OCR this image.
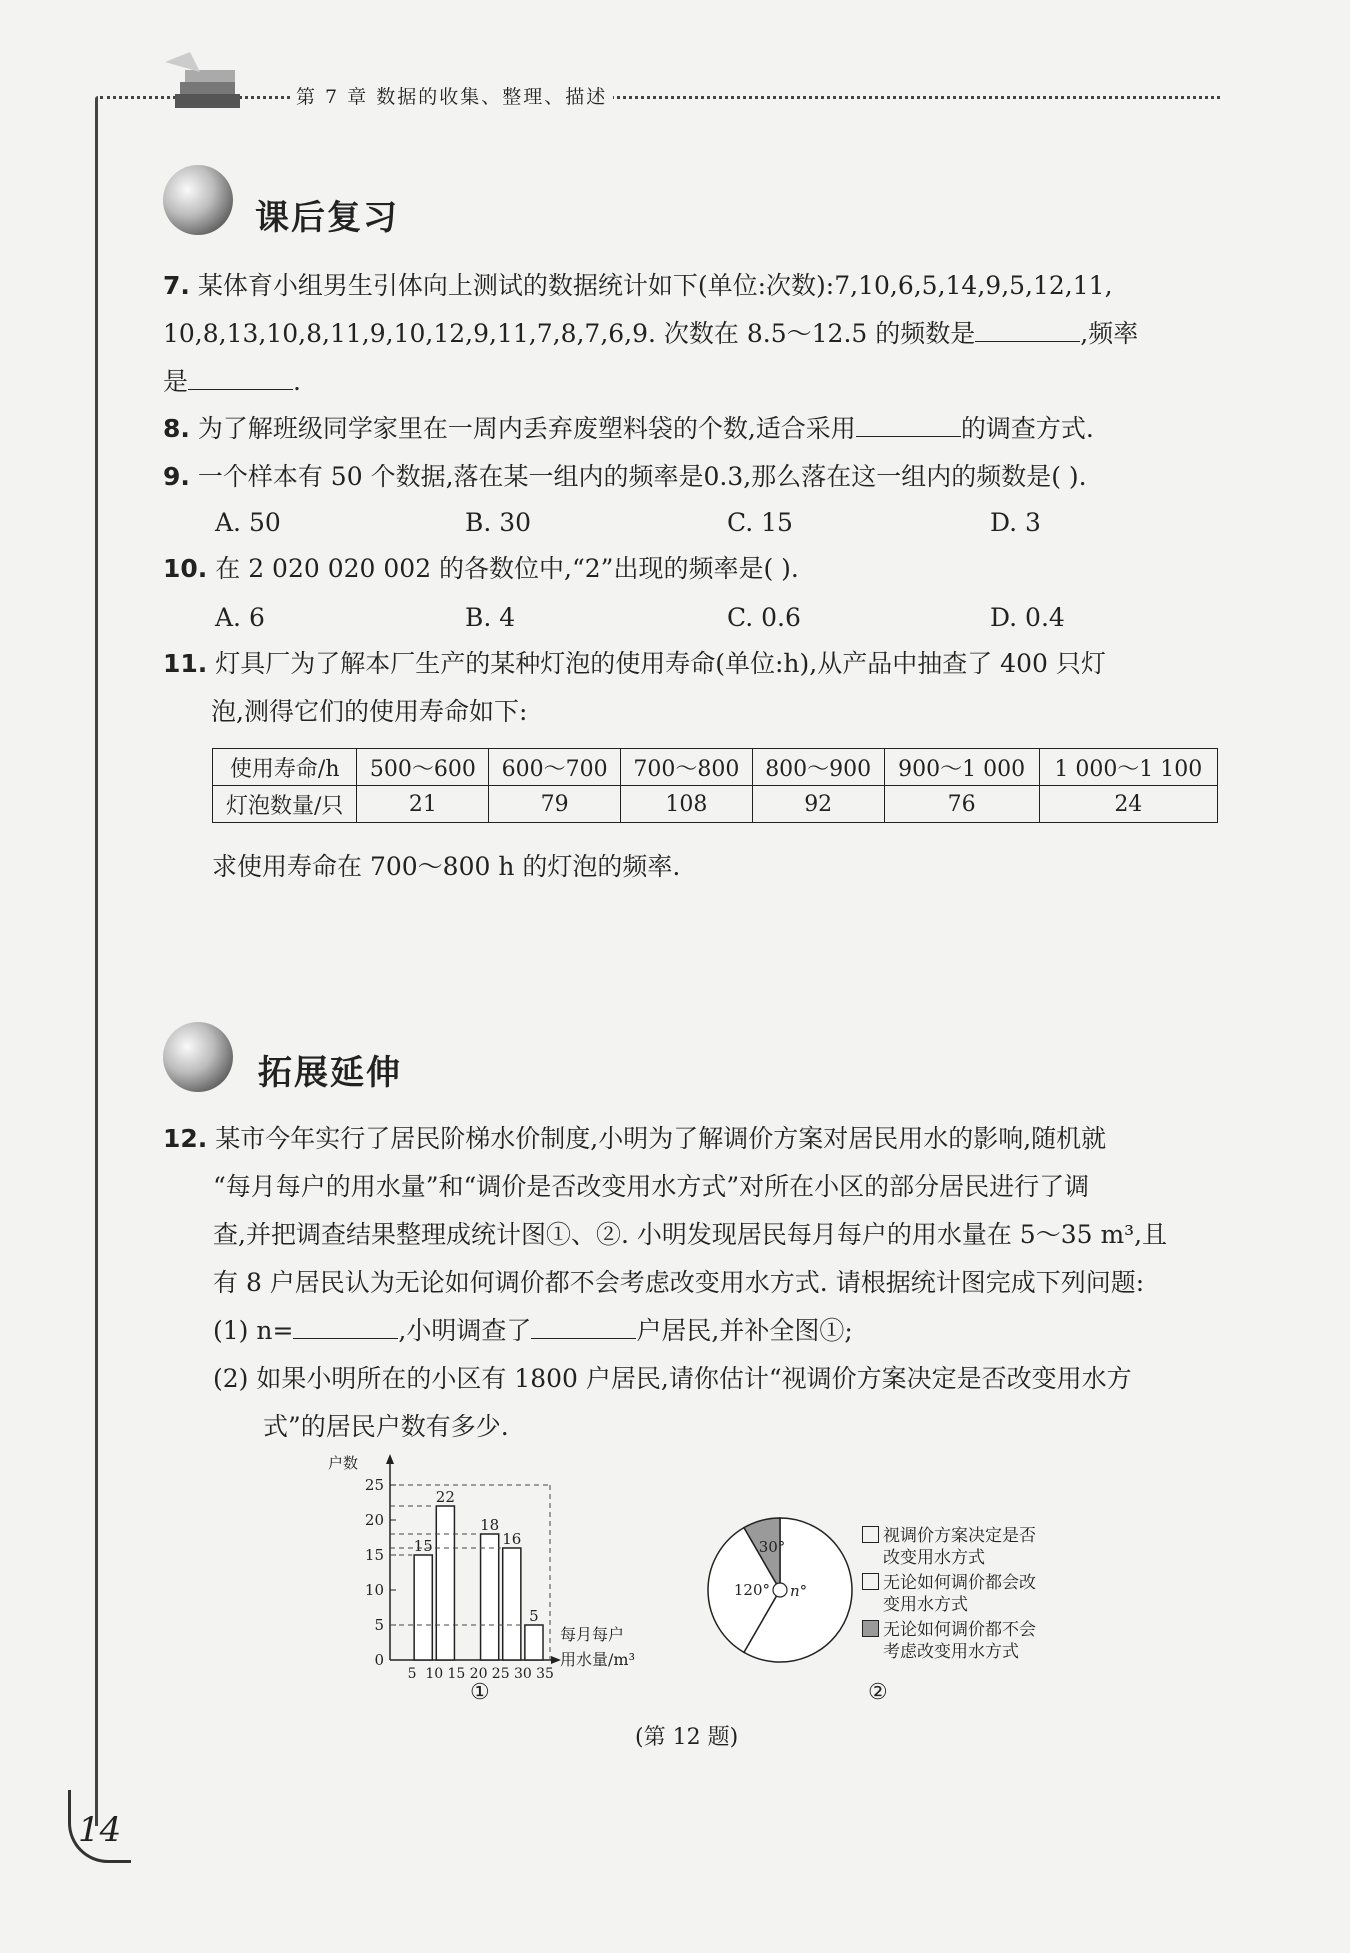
第 7 章 数据的收集、整理、描述
课后复习
7. 某体育小组男生引体向上测试的数据统计如下(单位:次数):7,10,6,5,14,9,5,12,11,
10,8,13,10,8,11,9,10,12,9,11,7,8,7,6,9. 次数在 8.5～12.5 的频数是	,频率
是	.
8. 为了解班级同学家里在一周内丢弃废塑料袋的个数,适合采用	的调查方式.
9. 一个样本有 50 个数据,落在某一组内的频率是0.3,那么落在这一组内的频数是( ).
A. 50	B. 30	C. 15	D. 3
10. 在 2 020 020 002 的各数位中,“2”出现的频率是( ).
A. 6	B. 4	C. 0.6	D. 0.4
11. 灯具厂为了解本厂生产的某种灯泡的使用寿命(单位:h),从产品中抽查了 400 只灯
泡,测得它们的使用寿命如下:
使用寿命/h	500～600	600～700	700～800	800～900	900～1 000	1 000～1 100
灯泡数量/只	21	79	108	92	76	24
求使用寿命在 700～800 h 的灯泡的频率.
拓展延伸
12. 某市今年实行了居民阶梯水价制度,小明为了解调价方案对居民用水的影响,随机就
“每月每户的用水量”和“调价是否改变用水方式”对所在小区的部分居民进行了调
查,并把调查结果整理成统计图①、②. 小明发现居民每月每户的用水量在 5～35 m³,且
有 8 户居民认为无论如何调价都不会考虑改变用水方式. 请根据统计图完成下列问题:
(1) n=	,小明调查了	户居民,并补全图①;
(2) 如果小明所在的小区有 1800 户居民,请你估计“视调价方案决定是否改变用水方
式”的居民户数有多少.
户数
每月每户
用水量/m³
0
5
10
15
20
25
5 10 15 20 25 30 35
15
22
18
16
5
①
30°
120° n°
②
视调价方案决定是否
改变用水方式
无论如何调价都会改
变用水方式
无论如何调价都不会
考虑改变用水方式
(第 12 题)
14
